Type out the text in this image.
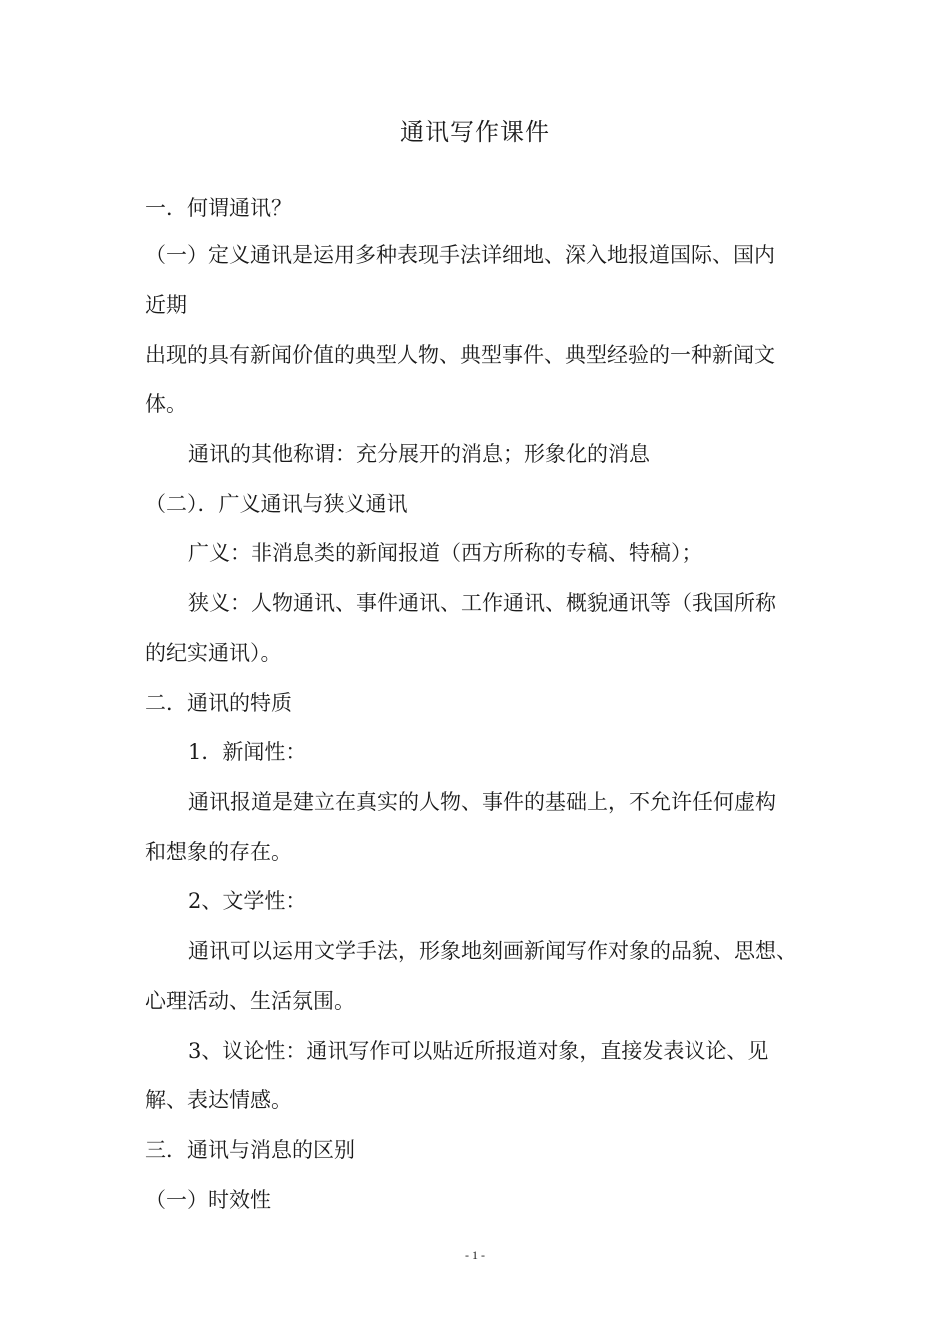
通讯写作课件
一．何谓通讯？
（一）定义通讯是运用多种表现手法详细地、深入地报道国际、国内
近期
出现的具有新闻价值的典型人物、典型事件、典型经验的一种新闻文
体。
通讯的其他称谓：充分展开的消息；形象化的消息
（二）．广义通讯与狭义通讯
广义：非消息类的新闻报道（西方所称的专稿、特稿）；
狭义：人物通讯、事件通讯、工作通讯、概貌通讯等（我国所称
的纪实通讯）。
二．通讯的特质
1．新闻性：
通讯报道是建立在真实的人物、事件的基础上，不允许任何虚构
和想象的存在。
2、文学性：
通讯可以运用文学手法，形象地刻画新闻写作对象的品貌、思想、
心理活动、生活氛围。
3、议论性：通讯写作可以贴近所报道对象，直接发表议论、见
解、表达情感。
三．通讯与消息的区别
（一）时效性
- 1 -
